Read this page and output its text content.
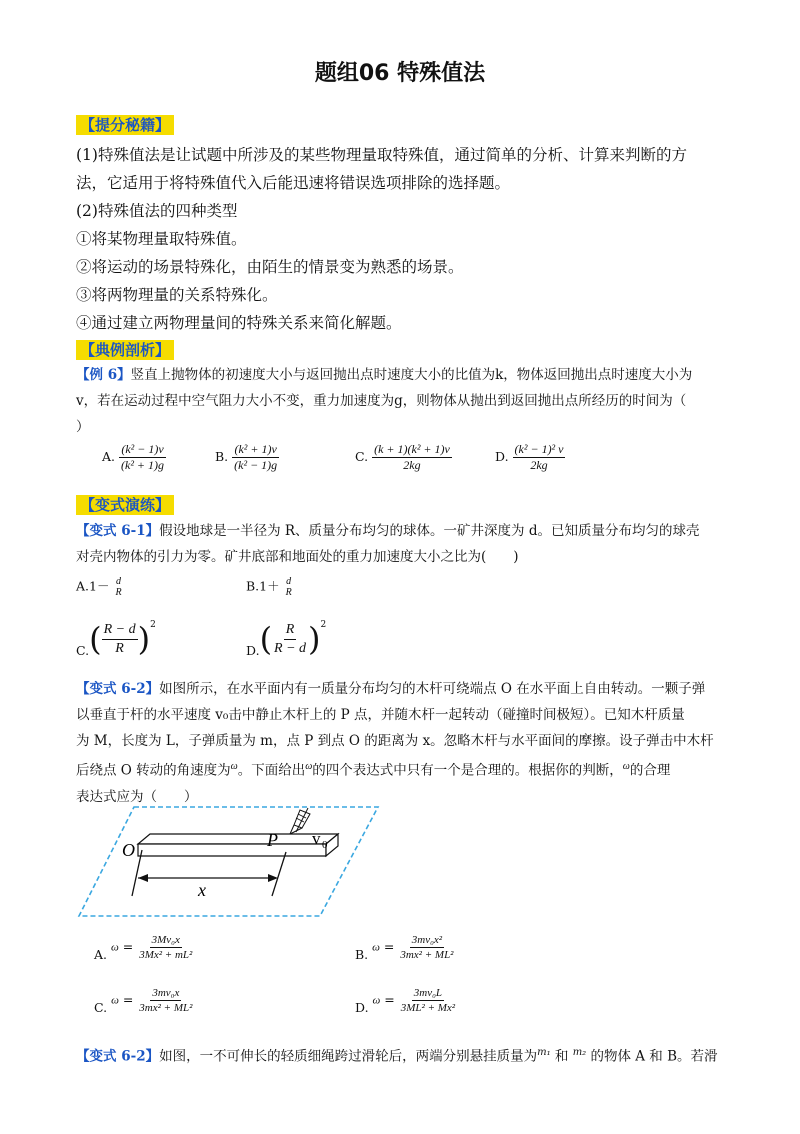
题组06 特殊值法
【提分秘籍】
(1)特殊值法是让试题中所涉及的某些物理量取特殊值，通过简单的分析、计算来判断的方
法，它适用于将特殊值代入后能迅速将错误选项排除的选择题。
(2)特殊值法的四种类型
①将某物理量取特殊值。
②将运动的场景特殊化，由陌生的情景变为熟悉的场景。
③将两物理量的关系特殊化。
④通过建立两物理量间的特殊关系来简化解题。
【典例剖析】
【例 6】竖直上抛物体的初速度大小与返回抛出点时速度大小的比值为k，物体返回抛出点时速度大小为
v，若在运动过程中空气阻力大小不变，重力加速度为g，则物体从抛出到返回抛出点所经历的时间为（
）
A. $\frac{\text{(k² − 1)v}}{\text{(k² + 1)g}}$	B. $\frac{\text{(k² + 1)v}}{\text{(k² − 1)g}}$	C. $\frac{\text{(k + 1)(k² + 1)v}}{2kg}$	D. $\frac{\text{(k² − 1)² v}}{2kg}$
【变式演练】
【变式 6-1】假设地球是一半径为 R、质量分布均匀的球体。一矿井深度为 d。已知质量分布均匀的球壳
对壳内物体的引力为零。矿井底部和地面处的重力加速度大小之比为(　　)
A.1－ d
R	B.1＋ d
R
$C.( \frac{R - d}{R} )^2$
$D.( \frac{R}{R - d} )^2$
【变式 6-2】如图所示，在水平面内有一质量分布均匀的木杆可绕端点 O 在水平面上自由转动。一颗子弹
以垂直于杆的水平速度 v₀击中静止木杆上的 P 点，并随木杆一起转动（碰撞时间极短）。已知木杆质量
为 M，长度为 L，子弹质量为 m，点 P 到点 O 的距离为 x。忽略木杆与水平面间的摩擦。设子弹击中木杆
后绕点 O 转动的角速度为$^\omega$。下面给出$^\omega$的四个表达式中只有一个是合理的。根据你的判断，$^\omega$的合理
表达式应为（　　）
O	P v 0
x
A. $\omega = \frac{\text{3Mv₀x}}{\text{3Mx² + mL²}}$	B. $\omega = \frac{\text{3mv₀x²}}{\text{3mx² + ML²}}$
C. $\omega = \frac{\text{3mv₀x}}{\text{3mx² + ML²}}$	D. $\omega = \frac{\text{3mv₀L}}{\text{3ML² + Mx²}}$
【变式 6-2】如图，一不可伸长的轻质细绳跨过滑轮后，两端分别悬挂质量为$^{m_1}$ 和 $^{m_2}$ 的物体 A 和 B。若滑
